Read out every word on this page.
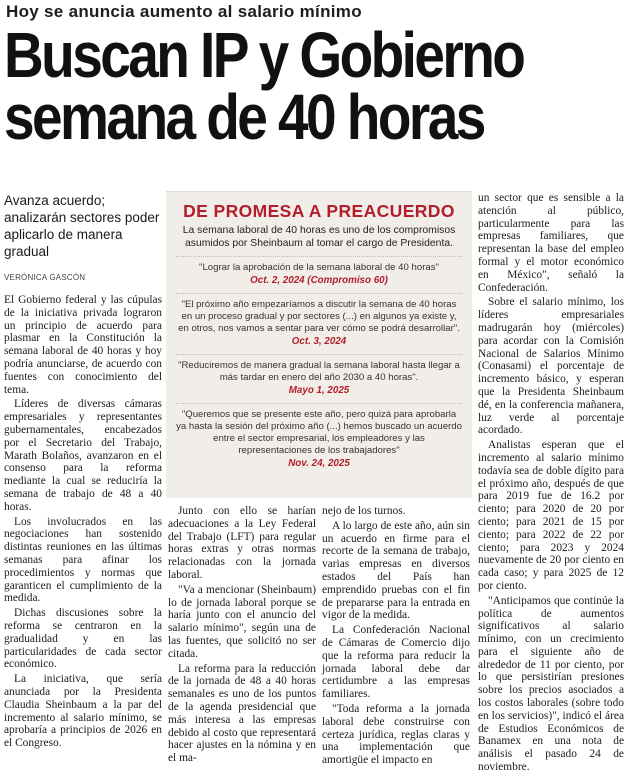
Hoy se anuncia aumento al salario mínimo
Buscan IP y Gobierno
semana de 40 horas
Avanza acuerdo; analizarán sectores poder aplicarlo de manera gradual
VERÓNICA GASCÓN

El Gobierno federal y las cúpulas de la iniciativa privada lograron un principio de acuerdo para plasmar en la Constitución la semana laboral de 40 horas y hoy podría anunciarse, de acuerdo con fuentes con conocimiento del tema.

Líderes de diversas cámaras empresariales y representantes gubernamentales, encabezados por el Secretario del Trabajo, Marath Bolaños, avanzaron en el consenso para la reforma mediante la cual se reduciría la semana de trabajo de 48 a 40 horas.

Los involucrados en las negociaciones han sostenido distintas reuniones en las últimas semanas para afinar los procedimientos y normas que garanticen el cumplimiento de la medida.

Dichas discusiones sobre la reforma se centraron en la gradualidad y en las particularidades de cada sector económico.

La iniciativa, que sería anunciada por la Presidenta Claudia Sheinbaum a la par del incremento al salario mínimo, se aprobaría a principios de 2026 en el Congreso.

DE PROMESA A PREACUERDO
La semana laboral de 40 horas es uno de los compromisos asumidos por Sheinbaum al tomar el cargo de Presidenta.
"Lograr la aprobación de la semana laboral de 40 horas"
Oct. 2, 2024 (Compromiso 60)
"El próximo año empezaríamos a discutir la semana de 40 horas en un proceso gradual y por sectores (...) en algunos ya existe y, en otros, nos vamos a sentar para ver cómo se podrá desarrollar".
Oct. 3, 2024
"Reduciremos de manera gradual la semana laboral hasta llegar a más tardar en enero del año 2030 a 40 horas".
Mayo 1, 2025
"Queremos que se presente este año, pero quizá para aprobarla ya hasta la sesión del próximo año (...) hemos buscado un acuerdo entre el sector empresarial, los empleadores y las representaciones de los trabajadores"
Nov. 24, 2025

Junto con ello se harían adecuaciones a la Ley Federal del Trabajo (LFT) para regular horas extras y otras normas relacionadas con la jornada laboral.

"Va a mencionar (Sheinbaum) lo de jornada laboral porque se haría junto con el anuncio del salario mínimo", según una de las fuentes, que solicitó no ser citada.

La reforma para la reducción de la jornada de 48 a 40 horas semanales es uno de los puntos de la agenda presidencial que más interesa a las empresas debido al costo que representará hacer ajustes en la nómina y en el ma-

nejo de los turnos.

A lo largo de este año, aún sin un acuerdo en firme para el recorte de la semana de trabajo, varias empresas en diversos estados del País han emprendido pruebas con el fin de prepararse para la entrada en vigor de la medida.

La Confederación Nacional de Cámaras de Comercio dijo que la reforma para reducir la jornada laboral debe dar certidumbre a las empresas familiares.

"Toda reforma a la jornada laboral debe construirse con certeza jurídica, reglas claras y una implementación que amortigüe el impacto en

un sector que es sensible a la atención al público, particularmente para las empresas familiares, que representan la base del empleo formal y el motor económico en México", señaló la Confederación.

Sobre el salario mínimo, los líderes empresariales madrugarán hoy (miércoles) para acordar con la Comisión Nacional de Salarios Mínimo (Conasami) el porcentaje de incremento básico, y esperan que la Presidenta Sheinbaum dé, en la conferencia mañanera, luz verde al porcentaje acordado.

Analistas esperan que el incremento al salario mínimo todavía sea de doble dígito para el próximo año, después de que para 2019 fue de 16.2 por ciento; para 2020 de 20 por ciento; para 2021 de 15 por ciento; para 2022 de 22 por ciento; para 2023 y 2024 nuevamente de 20 por ciento en cada caso; y para 2025 de 12 por ciento.

"Anticipamos que continúe la política de aumentos significativos al salario mínimo, con un crecimiento para el siguiente año de alrededor de 11 por ciento, por lo que persistirían presiones sobre los precios asociados a los costos laborales (sobre todo en los servicios)", indicó el área de Estudios Económicos de Banamex en una nota de análisis el pasado 24 de noviembre.
